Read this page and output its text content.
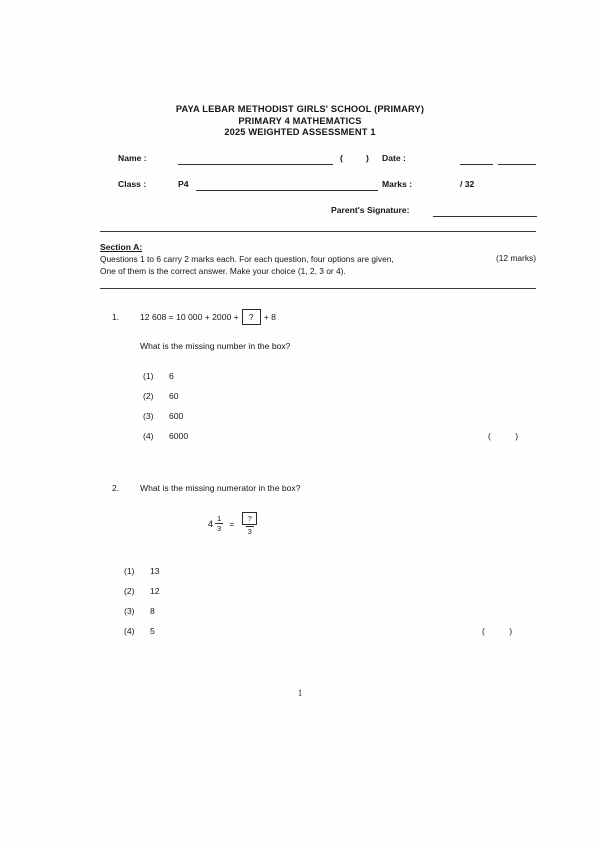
PAYA LEBAR METHODIST GIRLS' SCHOOL (PRIMARY)
PRIMARY 4 MATHEMATICS
2025 WEIGHTED ASSESSMENT 1
Name :	(	) Date :
Class :	P4	Marks :	/ 32
Parent's Signature:
Section A:
Questions 1 to 6 carry 2 marks each. For each question, four options are given,
One of them is the correct answer. Make your choice (1, 2, 3 or 4).
(12 marks)
1. 12 608 = 10 000 + 2000 +	?	+ 8
What is the missing number in the box?
(1) 6
(2) 60
(3) 600
(4) 6000	( )
2. What is the missing numerator in the box?
$4 \frac{1}{3} = \frac{?}{3}$
(1) 13
(2) 12
(3) 8
(4) 5	( )
1
